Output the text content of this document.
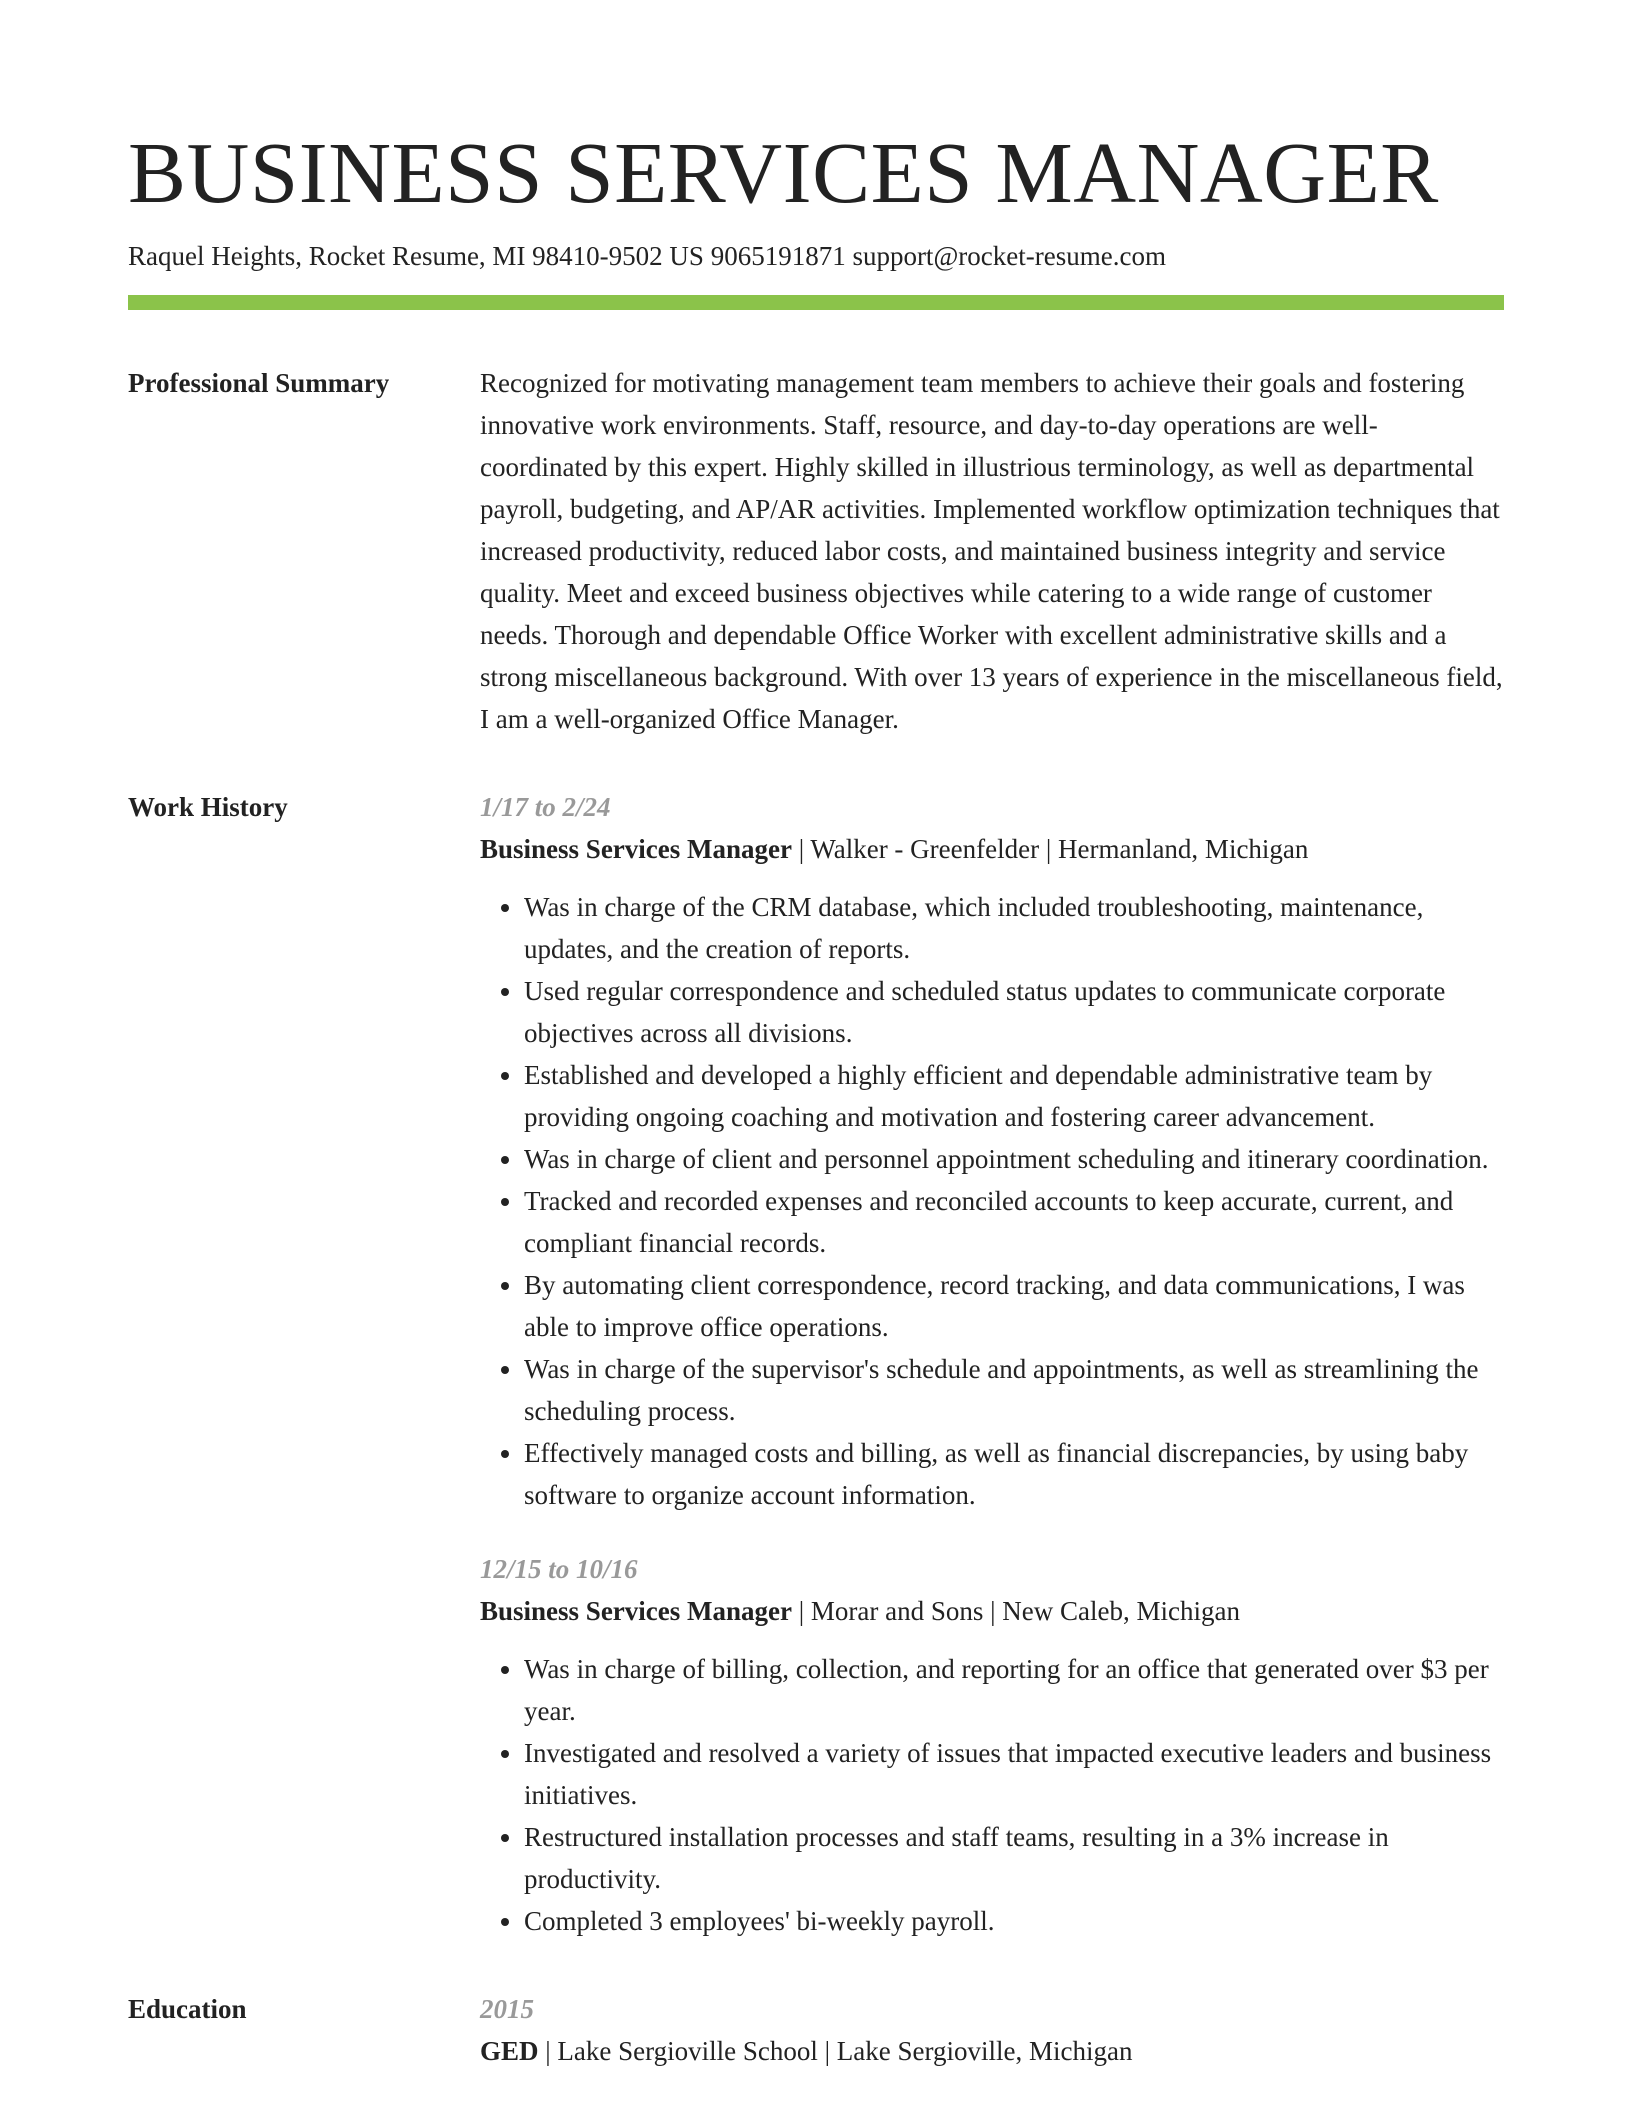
BUSINESS SERVICES MANAGER
Raquel Heights, Rocket Resume, MI 98410-9502 US 9065191871 support@rocket-resume.com
Professional Summary	Recognized for motivating management team members to achieve their goals and fostering innovative work environments. Staff, resource, and day-to-day operations are well-coordinated by this expert. Highly skilled in illustrious terminology, as well as departmental payroll, budgeting, and AP/AR activities. Implemented workflow optimization techniques that increased productivity, reduced labor costs, and maintained business integrity and service quality. Meet and exceed business objectives while catering to a wide range of customer needs. Thorough and dependable Office Worker with excellent administrative skills and a strong miscellaneous background. With over 13 years of experience in the miscellaneous field, I am a well-organized Office Manager.

Work History	1/17 to 2/24
Business Services Manager | Walker - Greenfelder | Hermanland, Michigan
• Was in charge of the CRM database, which included troubleshooting, maintenance, updates, and the creation of reports.
• Used regular correspondence and scheduled status updates to communicate corporate objectives across all divisions.
• Established and developed a highly efficient and dependable administrative team by providing ongoing coaching and motivation and fostering career advancement.
• Was in charge of client and personnel appointment scheduling and itinerary coordination.
• Tracked and recorded expenses and reconciled accounts to keep accurate, current, and compliant financial records.
• By automating client correspondence, record tracking, and data communications, I was able to improve office operations.
• Was in charge of the supervisor's schedule and appointments, as well as streamlining the scheduling process.
• Effectively managed costs and billing, as well as financial discrepancies, by using baby software to organize account information.
12/15 to 10/16
Business Services Manager | Morar and Sons | New Caleb, Michigan
• Was in charge of billing, collection, and reporting for an office that generated over $3 per year.
• Investigated and resolved a variety of issues that impacted executive leaders and business initiatives.
• Restructured installation processes and staff teams, resulting in a 3% increase in productivity.
• Completed 3 employees' bi-weekly payroll.
Education	2015
GED | Lake Sergioville School | Lake Sergioville, Michigan
